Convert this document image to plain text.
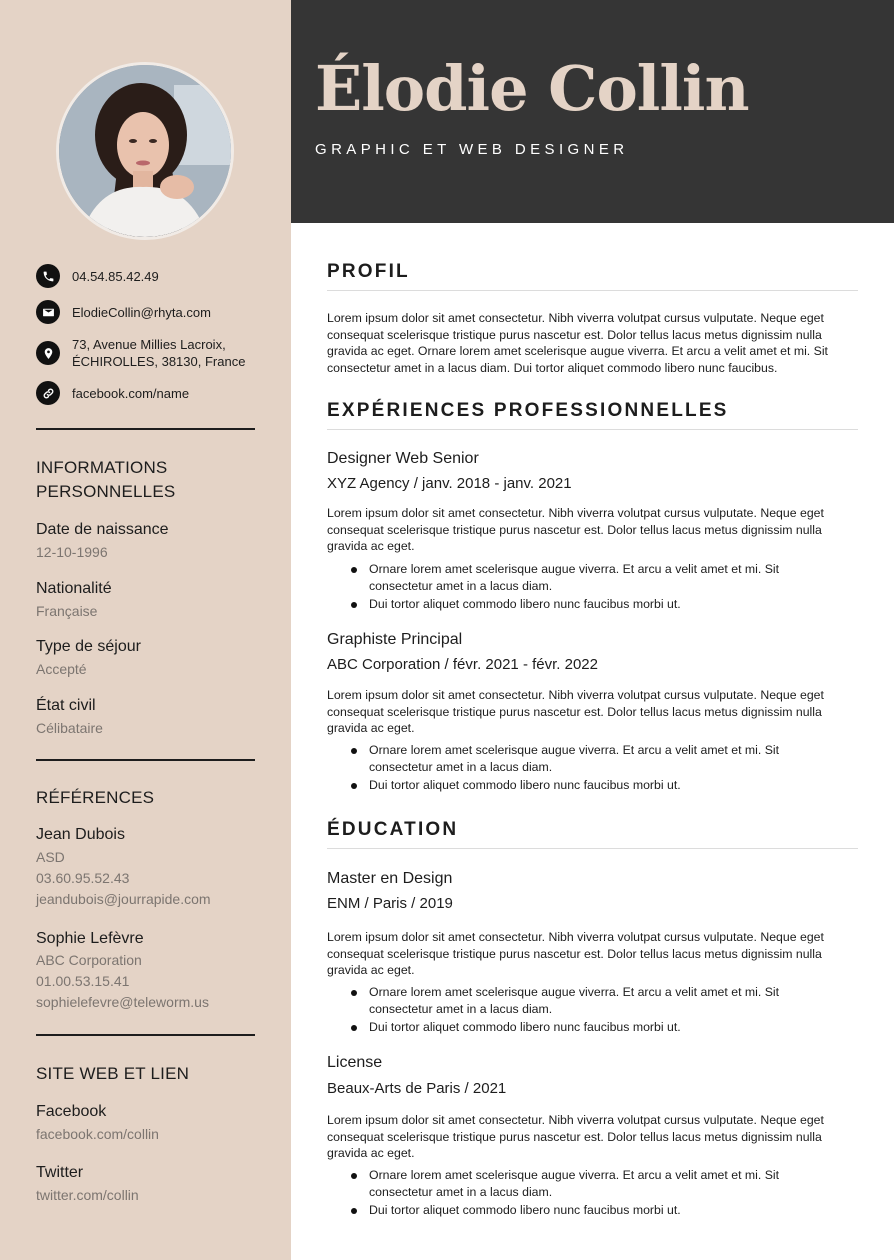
04.54.85.42.49
ElodieCollin@rhyta.com
73, Avenue Millies Lacroix,
ÉCHIROLLES, 38130, France
facebook.com/name
INFORMATIONS
PERSONNELLES
Date de naissance
12-10-1996
Nationalité
Française
Type de séjour
Accepté
État civil
Célibataire
RÉFÉRENCES
Jean Dubois
ASD
03.60.95.52.43
jeandubois@jourrapide.com
Sophie Lefèvre
ABC Corporation
01.00.53.15.41
sophielefevre@teleworm.us
SITE WEB ET LIEN
Facebook
facebook.com/collin
Twitter
twitter.com/collin
Élodie Collin
GRAPHIC ET WEB DESIGNER
PROFIL
Lorem ipsum dolor sit amet consectetur. Nibh viverra volutpat cursus vulputate. Neque eget consequat scelerisque tristique purus nascetur est. Dolor tellus lacus metus dignissim nulla gravida ac eget. Ornare lorem amet scelerisque augue viverra. Et arcu a velit amet et mi. Sit consectetur amet in a lacus diam. Dui tortor aliquet commodo libero nunc faucibus.
EXPÉRIENCES PROFESSIONNELLES
Designer Web Senior
XYZ Agency / janv. 2018 - janv. 2021
Lorem ipsum dolor sit amet consectetur. Nibh viverra volutpat cursus vulputate. Neque eget consequat scelerisque tristique purus nascetur est. Dolor tellus lacus metus dignissim nulla gravida ac eget.
Ornare lorem amet scelerisque augue viverra. Et arcu a velit amet et mi. Sit consectetur amet in a lacus diam.
Dui tortor aliquet commodo libero nunc faucibus morbi ut.
Graphiste Principal
ABC Corporation / févr. 2021 - févr. 2022
Lorem ipsum dolor sit amet consectetur. Nibh viverra volutpat cursus vulputate. Neque eget consequat scelerisque tristique purus nascetur est. Dolor tellus lacus metus dignissim nulla gravida ac eget.
Ornare lorem amet scelerisque augue viverra. Et arcu a velit amet et mi. Sit consectetur amet in a lacus diam.
Dui tortor aliquet commodo libero nunc faucibus morbi ut.
ÉDUCATION
Master en Design
ENM / Paris / 2019
Lorem ipsum dolor sit amet consectetur. Nibh viverra volutpat cursus vulputate. Neque eget consequat scelerisque tristique purus nascetur est. Dolor tellus lacus metus dignissim nulla gravida ac eget.
Ornare lorem amet scelerisque augue viverra. Et arcu a velit amet et mi. Sit consectetur amet in a lacus diam.
Dui tortor aliquet commodo libero nunc faucibus morbi ut.
License
Beaux-Arts de Paris / 2021
Lorem ipsum dolor sit amet consectetur. Nibh viverra volutpat cursus vulputate. Neque eget consequat scelerisque tristique purus nascetur est. Dolor tellus lacus metus dignissim nulla gravida ac eget.
Ornare lorem amet scelerisque augue viverra. Et arcu a velit amet et mi. Sit consectetur amet in a lacus diam.
Dui tortor aliquet commodo libero nunc faucibus morbi ut.
